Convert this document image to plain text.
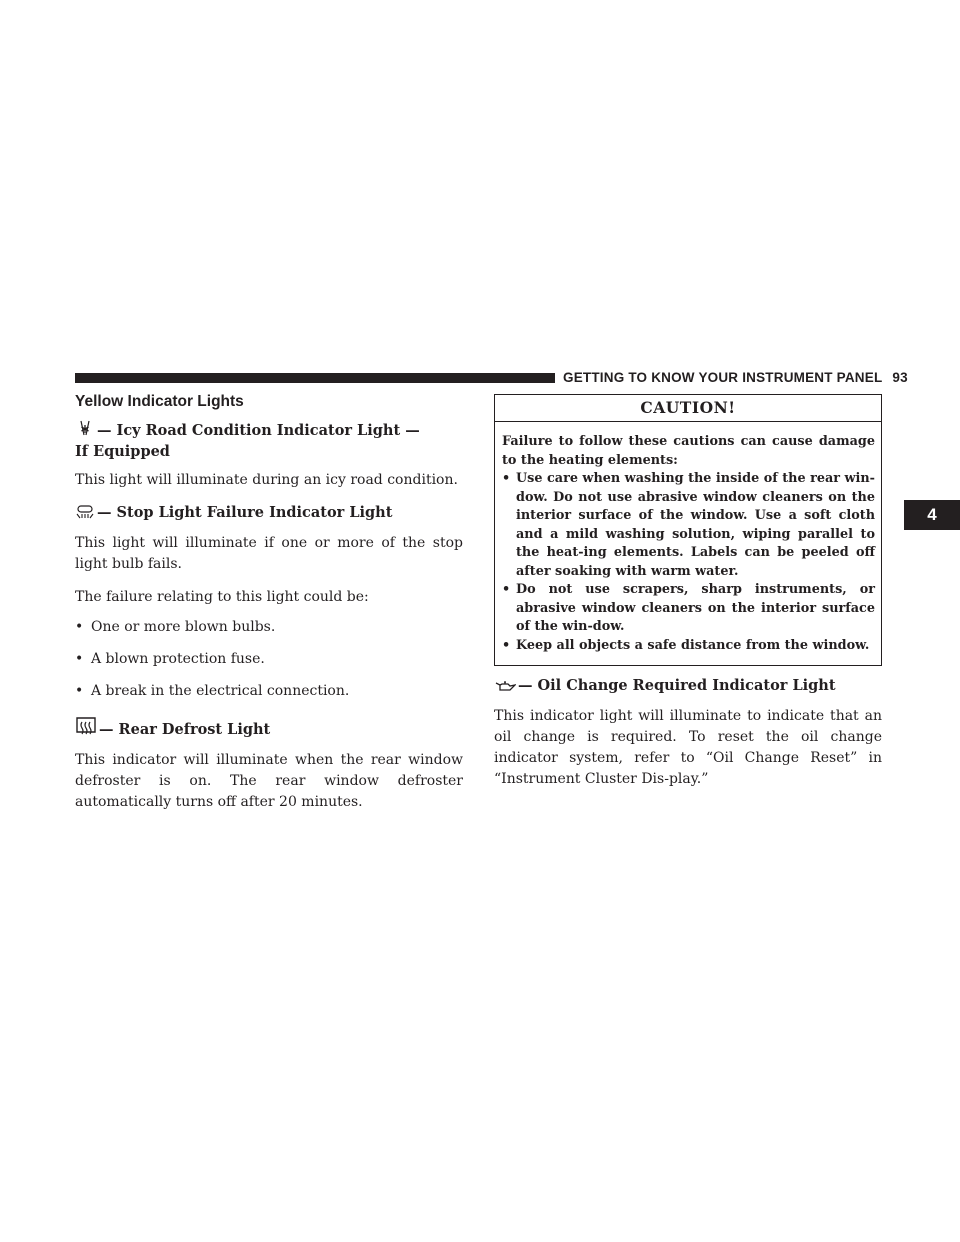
GETTING TO KNOW YOUR INSTRUMENT PANEL 93
4
Yellow Indicator Lights
— Icy Road Condition Indicator Light —
If Equipped

This light will illuminate during an icy road condition.

— Stop Light Failure Indicator Light

This light will illuminate if one or more of the stop light bulb fails.

The failure relating to this light could be:

• One or more blown bulbs.
• A blown protection fuse.
• A break in the electrical connection.
— Rear Defrost Light

This indicator will illuminate when the rear window defroster is on. The rear window defroster automatically turns off after 20 minutes.

CAUTION!

Failure to follow these cautions can cause damage to the heating elements:

• Use care when washing the inside of the rear win-dow. Do not use abrasive window cleaners on the interior surface of the window. Use a soft cloth and a mild washing solution, wiping parallel to the heat-ing elements. Labels can be peeled off after soaking with warm water.
• Do not use scrapers, sharp instruments, or abrasive window cleaners on the interior surface of the win-dow.
• Keep all objects a safe distance from the window.
— Oil Change Required Indicator Light

This indicator light will illuminate to indicate that an oil change is required. To reset the oil change indicator system, refer to “Oil Change Reset” in “Instrument Cluster Dis-play.”
